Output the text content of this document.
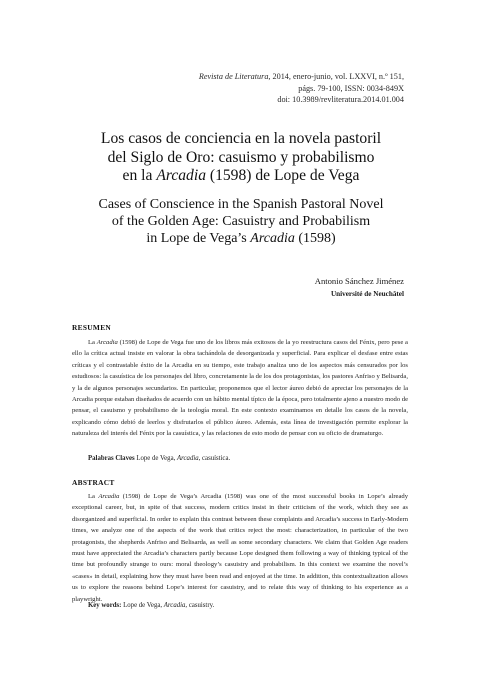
Revista de Literatura, 2014, enero-junio, vol. LXXVI, n.º 151,
págs. 79-100, ISSN: 0034-849X
doi: 10.3989/revliteratura.2014.01.004
Los casos de conciencia en la novela pastoril
del Siglo de Oro: casuismo y probabilismo
en la Arcadia (1598) de Lope de Vega
Cases of Conscience in the Spanish Pastoral Novel
of the Golden Age: Casuistry and Probabilism
in Lope de Vega’s Arcadia (1598)
Antonio Sánchez Jiménez
Université de Neuchâtel
RESUMEN

La Arcadia (1598) de Lope de Vega fue uno de los libros más exitosos de la yo reestructura casos del Fénix, pero pese a ello la crítica actual insiste en valorar la obra tachándola de desorganizada y superficial. Para explicar el desfase entre estas críticas y el contrastable éxito de la Arcadia en su tiempo, este trabajo analiza uno de los aspectos más censurados por los estudiosos: la casuística de los personajes del libro, concretamente la de los dos protagonistas, los pastores Anfriso y Belisarda, y la de algunos personajes secundarios. En particular, proponemos que el lector áureo debió de apreciar los personajes de la Arcadia porque estaban diseñados de acuerdo con un hábito mental típico de la época, pero totalmente ajeno a nuestro modo de pensar, el casuismo y probabilismo de la teología moral. En este contexto examinamos en detalle los casos de la novela, explicando cómo debió de leerlos y disfrutarlos el público áureo. Además, esta línea de investigación permite explorar la naturaleza del interés del Fénix por la casuística, y las relaciones de esto modo de pensar con su oficio de dramaturgo.

Palabras Claves Lope de Vega, Arcadia, casuística.
ABSTRACT

La Arcadia (1598) de Lope de Vega’s Arcadia (1598) was one of the most successful books in Lope’s already exceptional career, but, in spite of that success, modern critics insist in their criticism of the work, which they see as disorganized and superficial. In order to explain this contrast between these complaints and Arcadia’s success in Early-Modern times, we analyze one of the aspects of the work that critics reject the most: characterization, in particular of the two protagonists, the shepherds Anfriso and Belisarda, as well as some secondary characters. We claim that Golden Age readers must have appreciated the Arcadia’s characters partly because Lope designed them following a way of thinking typical of the time but profoundly strange to ours: moral theology’s casuistry and probabilism. In this context we examine the novel’s «cases» in detail, explaining how they must have been read and enjoyed at the time. In addition, this contextualization allows us to explore the reasons behind Lope’s interest for casuistry, and to relate this way of thinking to his experience as a playwright.

Key words: Lope de Vega, Arcadia, casuistry.
